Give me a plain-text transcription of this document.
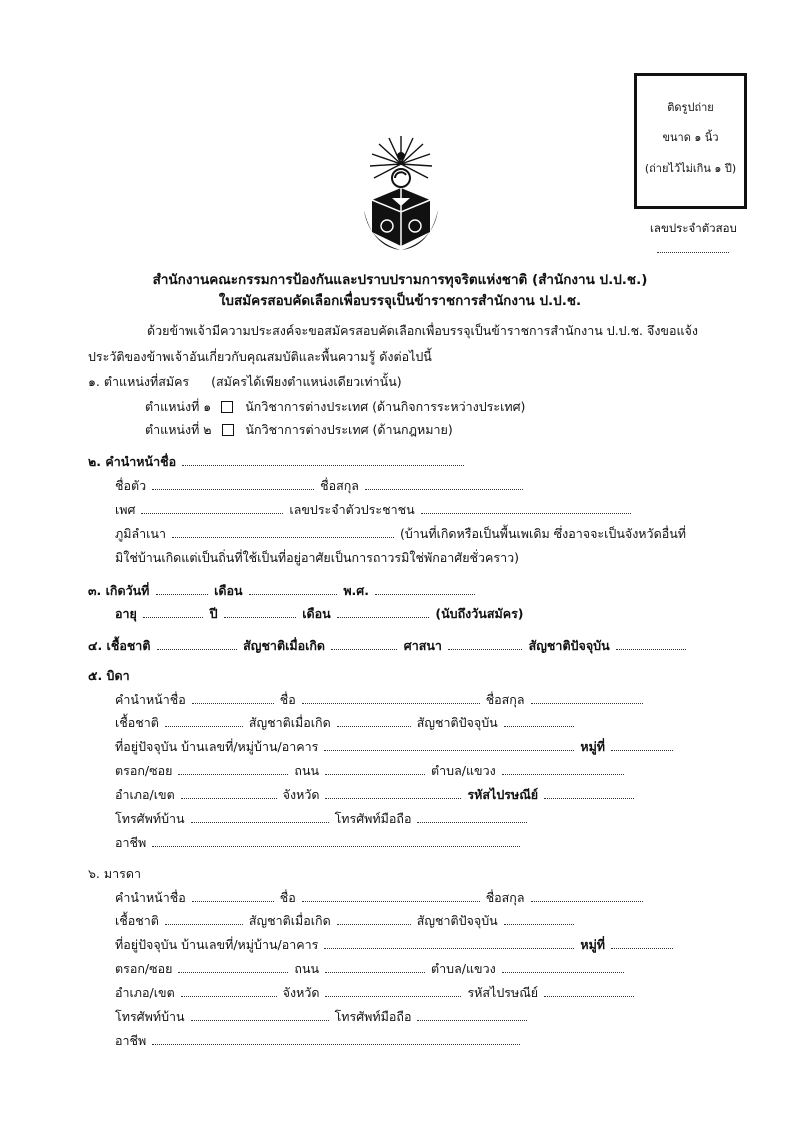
ติดรูปถ่าย
ขนาด ๑ นิ้ว
(ถ่ายไว้ไม่เกิน ๑ ปี)
เลขประจำตัวสอบ
สำนักงานคณะกรรมการป้องกันและปราบปรามการทุจริตแห่งชาติ (สำนักงาน ป.ป.ช.)
ใบสมัครสอบคัดเลือกเพื่อบรรจุเป็นข้าราชการสำนักงาน ป.ป.ช.
ด้วยข้าพเจ้ามีความประสงค์จะขอสมัครสอบคัดเลือกเพื่อบรรจุเป็นข้าราชการสำนักงาน ป.ป.ช. จึงขอแจ้ง
ประวัติของข้าพเจ้าอันเกี่ยวกับคุณสมบัติและพื้นความรู้ ดังต่อไปนี้
๑. ตำแหน่งที่สมัคร (สมัครได้เพียงตำแหน่งเดียวเท่านั้น)
ตำแหน่งที่ ๑	นักวิชาการต่างประเทศ (ด้านกิจการระหว่างประเทศ)
ตำแหน่งที่ ๒	นักวิชาการต่างประเทศ (ด้านกฎหมาย)
๒. คำนำหน้าชื่อ
ชื่อตัว	ชื่อสกุล
เพศ	เลขประจำตัวประชาชน
ภูมิลำเนา	(บ้านที่เกิดหรือเป็นพื้นเพเดิม ซึ่งอาจจะเป็นจังหวัดอื่นที่
มิใช่บ้านเกิดแต่เป็นถิ่นที่ใช้เป็นที่อยู่อาศัยเป็นการถาวรมิใช่พักอาศัยชั่วคราว)
๓. เกิดวันที่	เดือน	พ.ศ.
อายุ	ปี	เดือน	(นับถึงวันสมัคร)
๔. เชื้อชาติ	สัญชาติเมื่อเกิด	ศาสนา	สัญชาติปัจจุบัน
๕. บิดา
คำนำหน้าชื่อ	ชื่อ	ชื่อสกุล
เชื้อชาติ	สัญชาติเมื่อเกิด	สัญชาติปัจจุบัน
ที่อยู่ปัจจุบัน บ้านเลขที่/หมู่บ้าน/อาคาร	หมู่ที่
ตรอก/ซอย	ถนน	ตำบล/แขวง
อำเภอ/เขต	จังหวัด	รหัสไปรษณีย์
โทรศัพท์บ้าน	โทรศัพท์มือถือ
อาชีพ
๖. มารดา
คำนำหน้าชื่อ	ชื่อ	ชื่อสกุล
เชื้อชาติ	สัญชาติเมื่อเกิด	สัญชาติปัจจุบัน
ที่อยู่ปัจจุบัน บ้านเลขที่/หมู่บ้าน/อาคาร	หมู่ที่
ตรอก/ซอย	ถนน	ตำบล/แขวง
อำเภอ/เขต	จังหวัด	รหัสไปรษณีย์
โทรศัพท์บ้าน	โทรศัพท์มือถือ
อาชีพ
